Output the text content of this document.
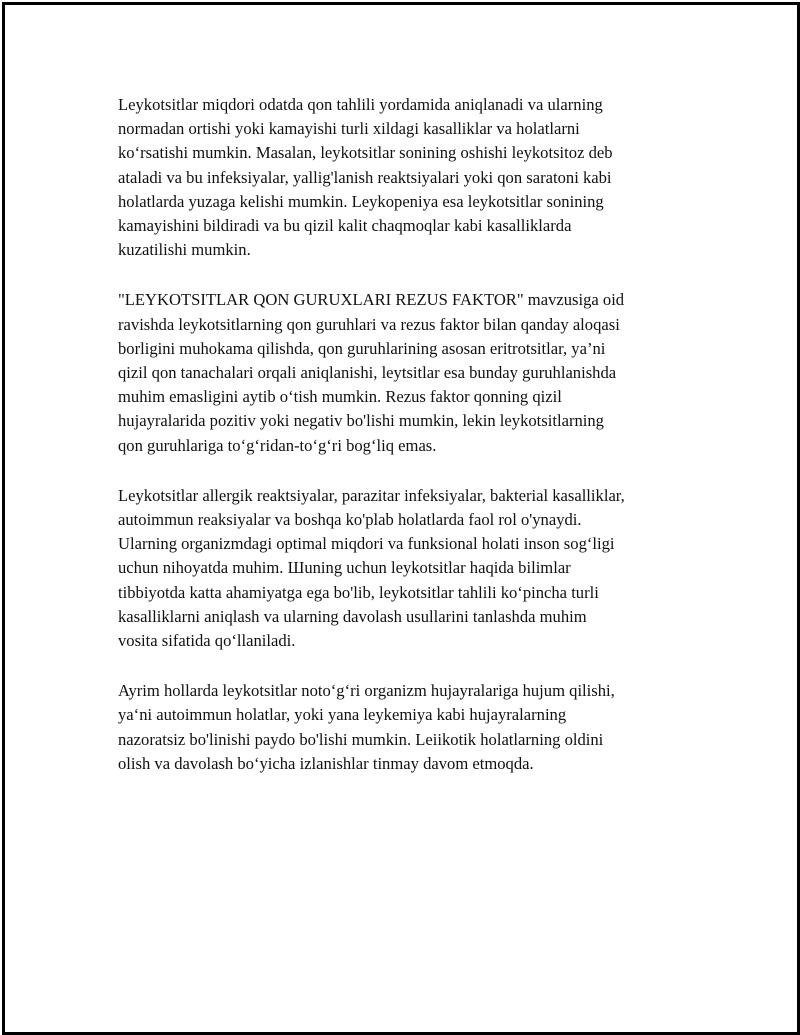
Leykotsitlar miqdori odatda qon tahlili yordamida aniqlanadi va ularning
normadan ortishi yoki kamayishi turli xildagi kasalliklar va holatlarni
ko‘rsatishi mumkin. Masalan, leykotsitlar sonining oshishi leykotsitoz deb
ataladi va bu infeksiyalar, yallig'lanish reaktsiyalari yoki qon saratoni kabi
holatlarda yuzaga kelishi mumkin. Leykopeniya esa leykotsitlar sonining
kamayishini bildiradi va bu qizil kalit chaqmoqlar kabi kasalliklarda
kuzatilishi mumkin.

"LEYKOTSITLAR QON GURUXLARI REZUS FAKTOR" mavzusiga oid
ravishda leykotsitlarning qon guruhlari va rezus faktor bilan qanday aloqasi
borligini muhokama qilishda, qon guruhlarining asosan eritrotsitlar, ya’ni
qizil qon tanachalari orqali aniqlanishi, leytsitlar esa bunday guruhlanishda
muhim emasligini aytib o‘tish mumkin. Rezus faktor qonning qizil
hujayralarida pozitiv yoki negativ bo'lishi mumkin, lekin leykotsitlarning
qon guruhlariga to‘g‘ridan-to‘g‘ri bog‘liq emas.

Leykotsitlar allergik reaktsiyalar, parazitar infeksiyalar, bakterial kasalliklar,
autoimmun reaksiyalar va boshqa ko'plab holatlarda faol rol o'ynaydi.
Ularning organizmdagi optimal miqdori va funksional holati inson sog‘ligi
uchun nihoyatda muhim. Шuning uchun leykotsitlar haqida bilimlar
tibbiyotda katta ahamiyatga ega bo'lib, leykotsitlar tahlili ko‘pincha turli
kasalliklarni aniqlash va ularning davolash usullarini tanlashda muhim
vosita sifatida qo‘llaniladi.

Ayrim hollarda leykotsitlar noto‘g‘ri organizm hujayralariga hujum qilishi,
ya‘ni autoimmun holatlar, yoki yana leykemiya kabi hujayralarning
nazoratsiz bo'linishi paydo bo'lishi mumkin. Leiikotik holatlarning oldini
olish va davolash bo‘yicha izlanishlar tinmay davom etmoqda.
